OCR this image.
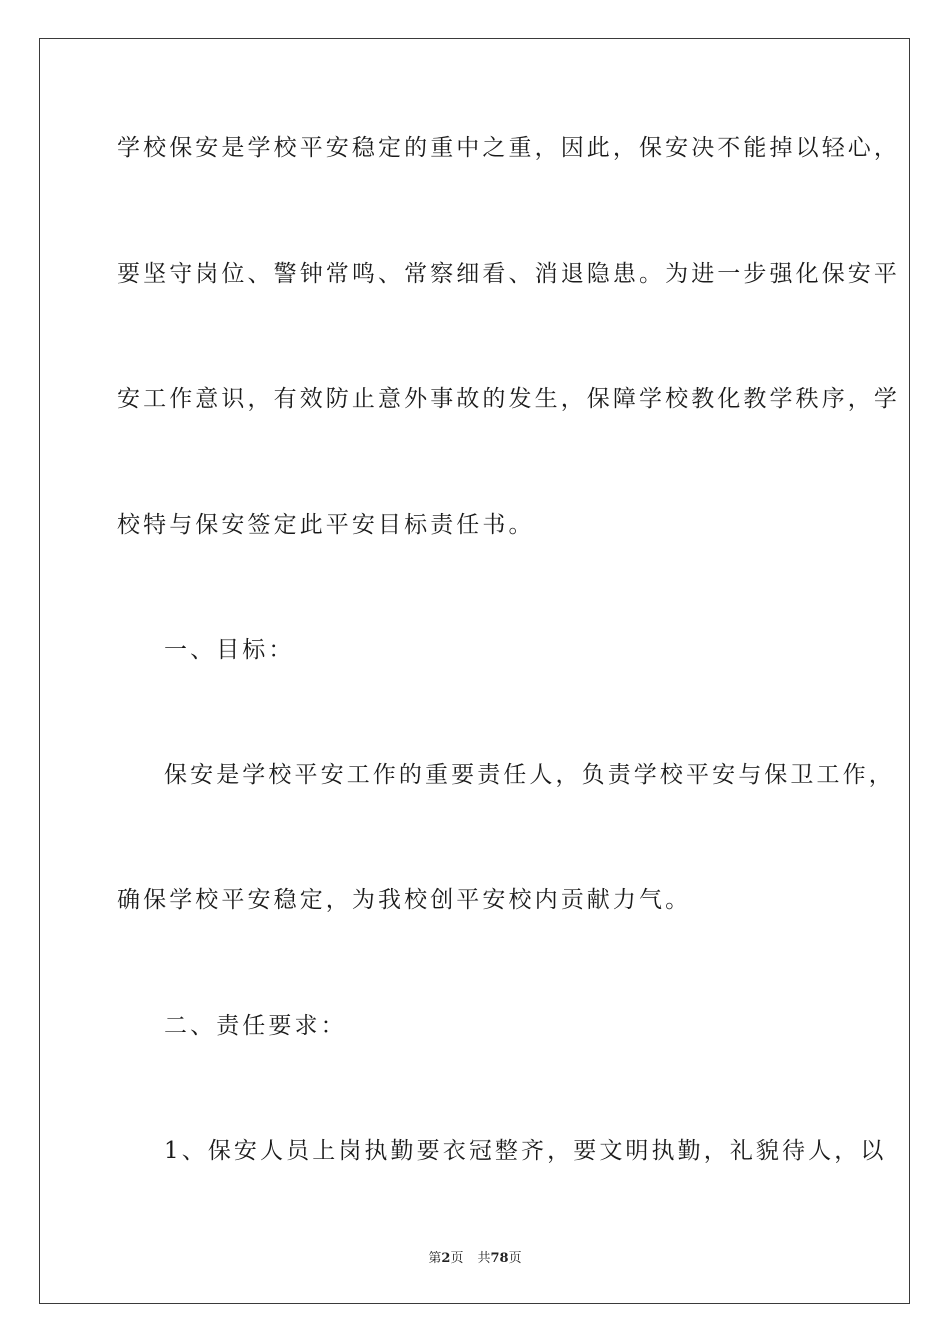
学校保安是学校平安稳定的重中之重，因此，保安决不能掉以轻心，
要坚守岗位、警钟常鸣、常察细看、消退隐患。为进一步强化保安平
安工作意识，有效防止意外事故的发生，保障学校教化教学秩序，学
校特与保安签定此平安目标责任书。
一、目标：
保安是学校平安工作的重要责任人，负责学校平安与保卫工作，
确保学校平安稳定，为我校创平安校内贡献力气。
二、责任要求：
1、保安人员上岗执勤要衣冠整齐，要文明执勤，礼貌待人，以
第2页 共78页
